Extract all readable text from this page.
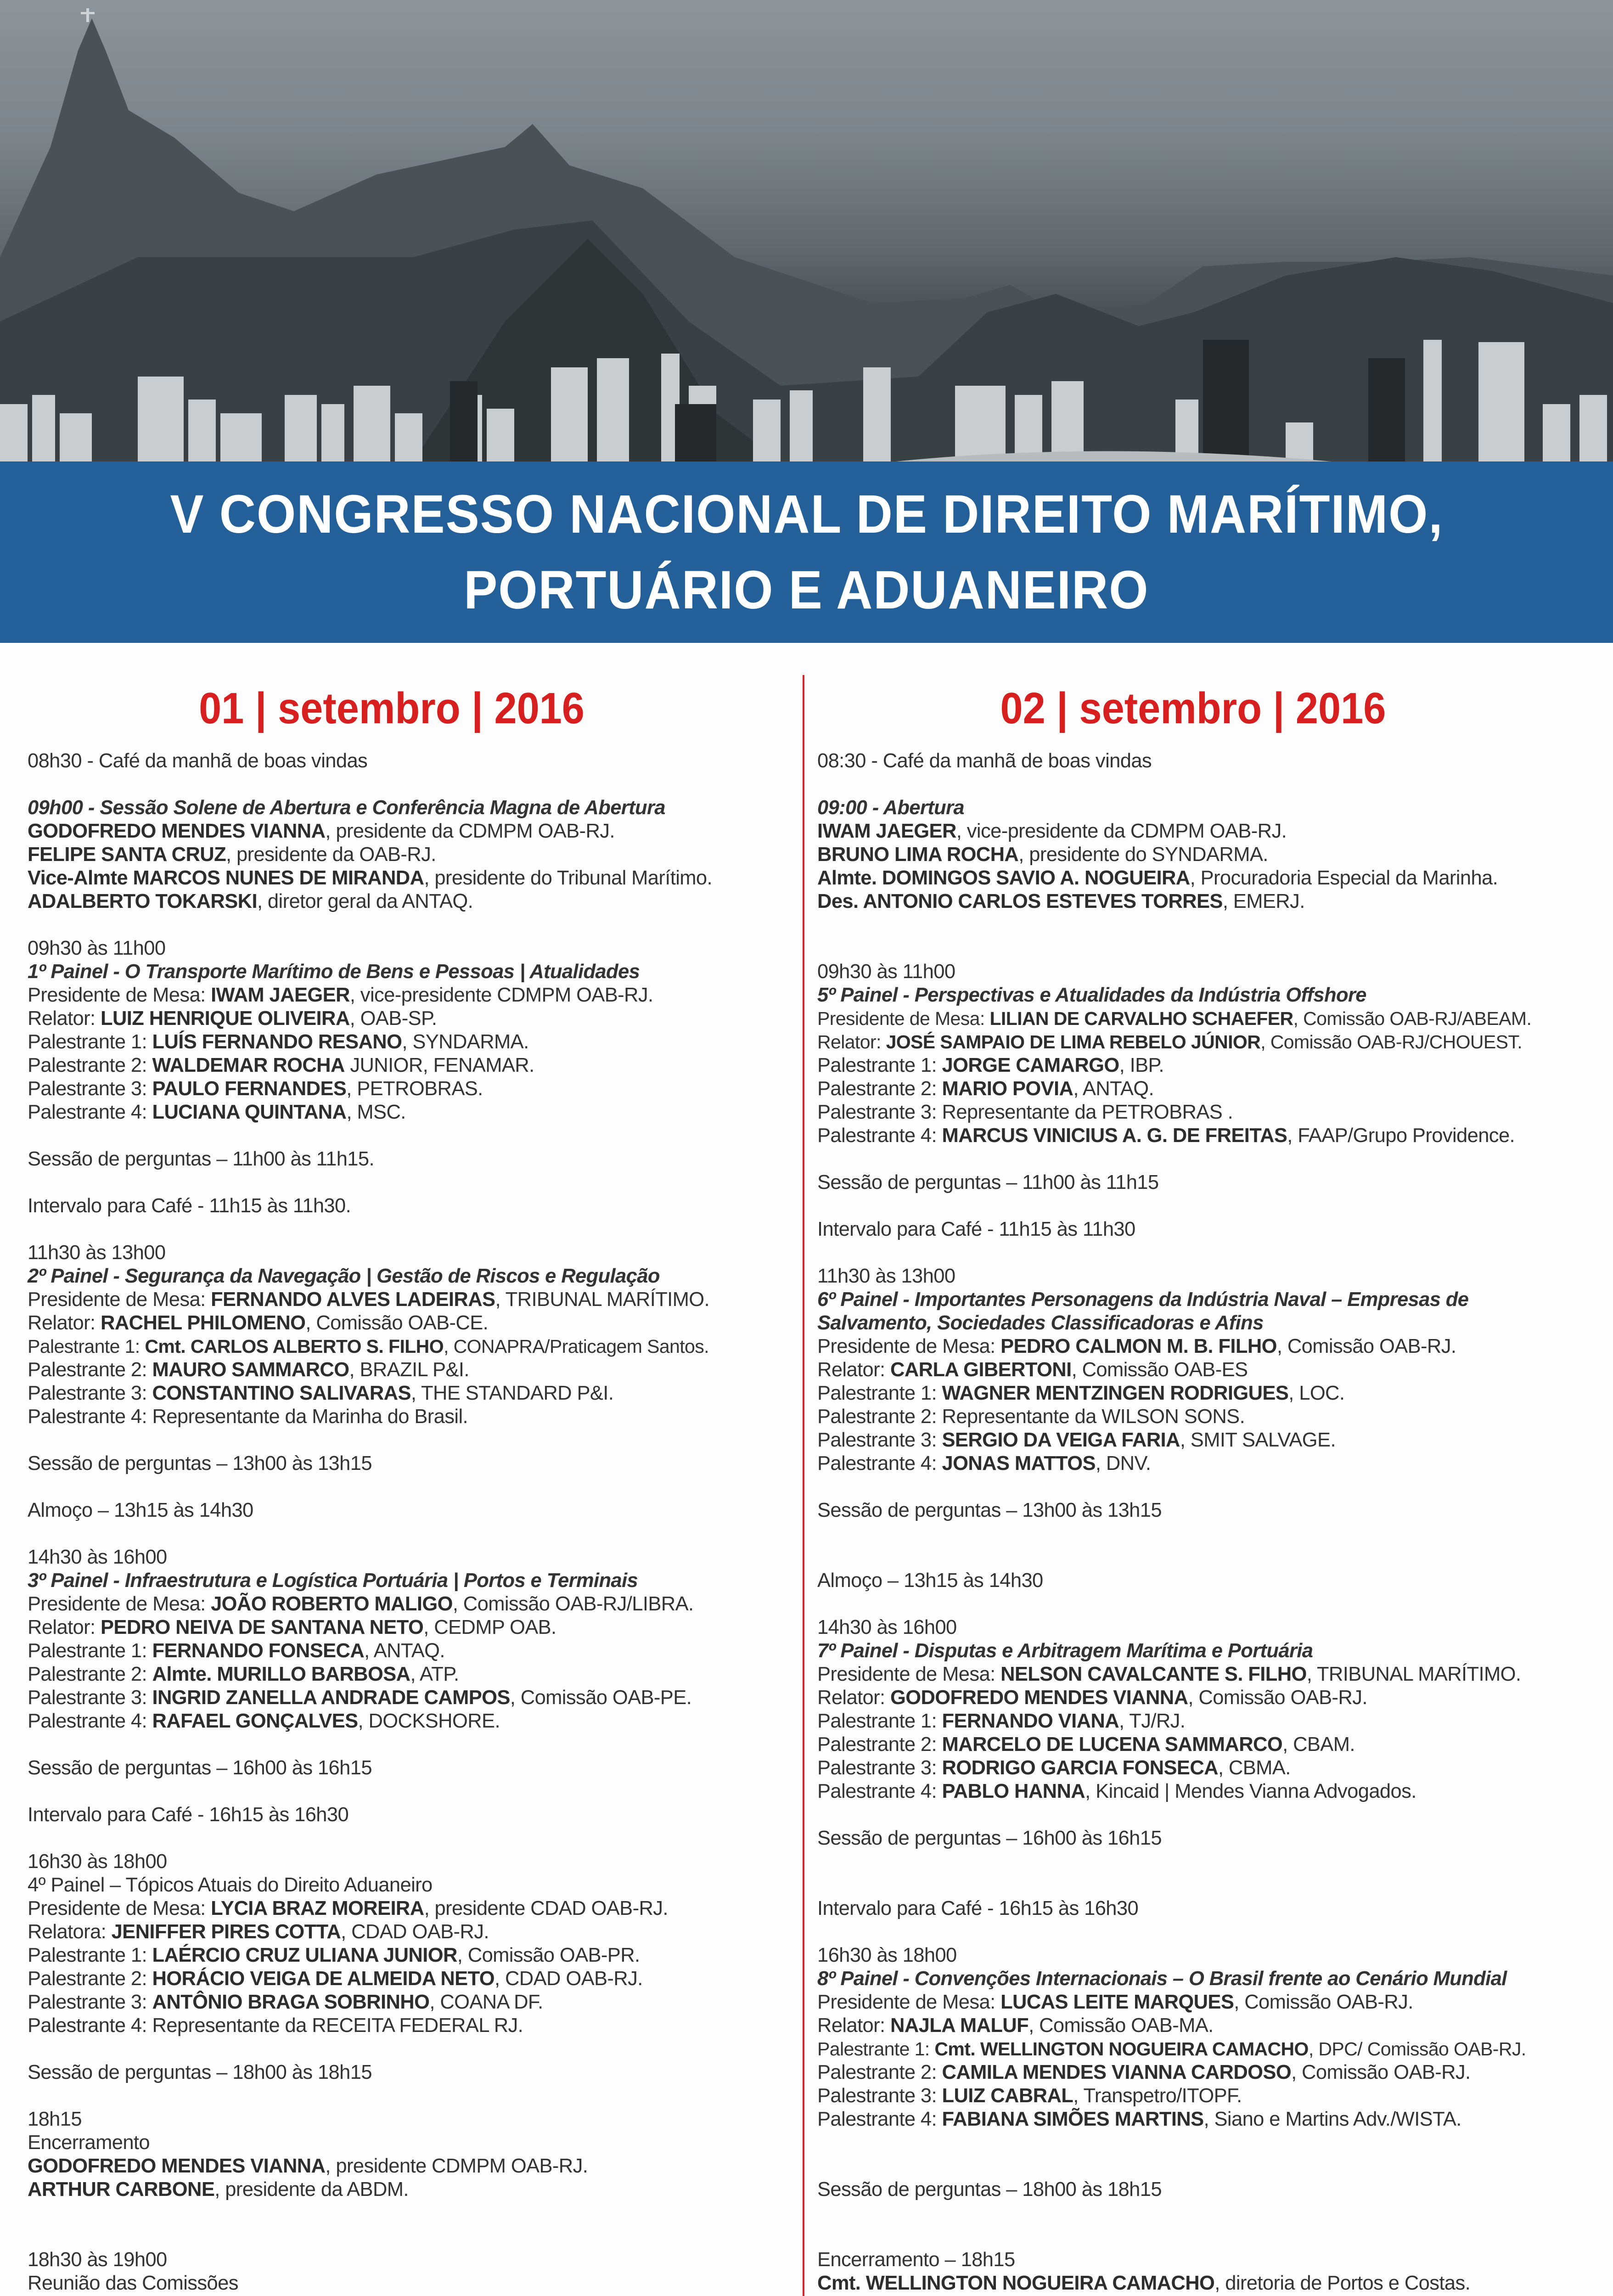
V CONGRESSO NACIONAL DE DIREITO MARÍTIMO,
PORTUÁRIO E ADUANEIRO
01 | setembro | 2016
08h30 - Café da manhã de boas vindas
09h00 - Sessão Solene de Abertura e Conferência Magna de Abertura
GODOFREDO MENDES VIANNA, presidente da CDMPM OAB-RJ.
FELIPE SANTA CRUZ, presidente da OAB-RJ.
Vice-Almte MARCOS NUNES DE MIRANDA, presidente do Tribunal Marítimo.
ADALBERTO TOKARSKI, diretor geral da ANTAQ.
09h30 às 11h00
1º Painel - O Transporte Marítimo de Bens e Pessoas | Atualidades
Presidente de Mesa: IWAM JAEGER, vice-presidente CDMPM OAB-RJ.
Relator: LUIZ HENRIQUE OLIVEIRA, OAB-SP.
Palestrante 1: LUÍS FERNANDO RESANO, SYNDARMA.
Palestrante 2: WALDEMAR ROCHA JUNIOR, FENAMAR.
Palestrante 3: PAULO FERNANDES, PETROBRAS.
Palestrante 4: LUCIANA QUINTANA, MSC.
Sessão de perguntas – 11h00 às 11h15.
Intervalo para Café - 11h15 às 11h30.
11h30 às 13h00
2º Painel - Segurança da Navegação | Gestão de Riscos e Regulação
Presidente de Mesa: FERNANDO ALVES LADEIRAS, TRIBUNAL MARÍTIMO.
Relator: RACHEL PHILOMENO, Comissão OAB-CE.
Palestrante 1: Cmt. CARLOS ALBERTO S. FILHO, CONAPRA/Praticagem Santos.
Palestrante 2: MAURO SAMMARCO, BRAZIL P&I.
Palestrante 3: CONSTANTINO SALIVARAS, THE STANDARD P&I.
Palestrante 4: Representante da Marinha do Brasil.
Sessão de perguntas – 13h00 às 13h15
Almoço – 13h15 às 14h30
14h30 às 16h00
3º Painel - Infraestrutura e Logística Portuária | Portos e Terminais
Presidente de Mesa: JOÃO ROBERTO MALIGO, Comissão OAB-RJ/LIBRA.
Relator: PEDRO NEIVA DE SANTANA NETO, CEDMP OAB.
Palestrante 1: FERNANDO FONSECA, ANTAQ.
Palestrante 2: Almte. MURILLO BARBOSA, ATP.
Palestrante 3: INGRID ZANELLA ANDRADE CAMPOS, Comissão OAB-PE.
Palestrante 4: RAFAEL GONÇALVES, DOCKSHORE.
Sessão de perguntas – 16h00 às 16h15
Intervalo para Café - 16h15 às 16h30
16h30 às 18h00
4º Painel – Tópicos Atuais do Direito Aduaneiro
Presidente de Mesa: LYCIA BRAZ MOREIRA, presidente CDAD OAB-RJ.
Relatora: JENIFFER PIRES COTTA, CDAD OAB-RJ.
Palestrante 1: LAÉRCIO CRUZ ULIANA JUNIOR, Comissão OAB-PR.
Palestrante 2: HORÁCIO VEIGA DE ALMEIDA NETO, CDAD OAB-RJ.
Palestrante 3: ANTÔNIO BRAGA SOBRINHO, COANA DF.
Palestrante 4: Representante da RECEITA FEDERAL RJ.
Sessão de perguntas – 18h00 às 18h15
18h15
Encerramento
GODOFREDO MENDES VIANNA, presidente CDMPM OAB-RJ.
ARTHUR CARBONE, presidente da ABDM.
18h30 às 19h00
Reunião das Comissões
02 | setembro | 2016
08:30 - Café da manhã de boas vindas
09:00 - Abertura
IWAM JAEGER, vice-presidente da CDMPM OAB-RJ.
BRUNO LIMA ROCHA, presidente do SYNDARMA.
Almte. DOMINGOS SAVIO A. NOGUEIRA, Procuradoria Especial da Marinha.
Des. ANTONIO CARLOS ESTEVES TORRES, EMERJ.
09h30 às 11h00
5º Painel - Perspectivas e Atualidades da Indústria Offshore
Presidente de Mesa: LILIAN DE CARVALHO SCHAEFER, Comissão OAB-RJ/ABEAM.
Relator: JOSÉ SAMPAIO DE LIMA REBELO JÚNIOR, Comissão OAB-RJ/CHOUEST.
Palestrante 1: JORGE CAMARGO, IBP.
Palestrante 2: MARIO POVIA, ANTAQ.
Palestrante 3: Representante da PETROBRAS .
Palestrante 4: MARCUS VINICIUS A. G. DE FREITAS, FAAP/Grupo Providence.
Sessão de perguntas – 11h00 às 11h15
Intervalo para Café - 11h15 às 11h30
11h30 às 13h00
6º Painel - Importantes Personagens da Indústria Naval – Empresas de
Salvamento, Sociedades Classificadoras e Afins
Presidente de Mesa: PEDRO CALMON M. B. FILHO, Comissão OAB-RJ.
Relator: CARLA GIBERTONI, Comissão OAB-ES
Palestrante 1: WAGNER MENTZINGEN RODRIGUES, LOC.
Palestrante 2: Representante da WILSON SONS.
Palestrante 3: SERGIO DA VEIGA FARIA, SMIT SALVAGE.
Palestrante 4: JONAS MATTOS, DNV.
Sessão de perguntas – 13h00 às 13h15
Almoço – 13h15 às 14h30
14h30 às 16h00
7º Painel - Disputas e Arbitragem Marítima e Portuária
Presidente de Mesa: NELSON CAVALCANTE S. FILHO, TRIBUNAL MARÍTIMO.
Relator: GODOFREDO MENDES VIANNA, Comissão OAB-RJ.
Palestrante 1: FERNANDO VIANA, TJ/RJ.
Palestrante 2: MARCELO DE LUCENA SAMMARCO, CBAM.
Palestrante 3: RODRIGO GARCIA FONSECA, CBMA.
Palestrante 4: PABLO HANNA, Kincaid | Mendes Vianna Advogados.
Sessão de perguntas – 16h00 às 16h15
Intervalo para Café - 16h15 às 16h30
16h30 às 18h00
8º Painel - Convenções Internacionais – O Brasil frente ao Cenário Mundial
Presidente de Mesa: LUCAS LEITE MARQUES, Comissão OAB-RJ.
Relator: NAJLA MALUF, Comissão OAB-MA.
Palestrante 1: Cmt. WELLINGTON NOGUEIRA CAMACHO, DPC/ Comissão OAB-RJ.
Palestrante 2: CAMILA MENDES VIANNA CARDOSO, Comissão OAB-RJ.
Palestrante 3: LUIZ CABRAL, Transpetro/ITOPF.
Palestrante 4: FABIANA SIMÕES MARTINS, Siano e Martins Adv./WISTA.
Sessão de perguntas – 18h00 às 18h15
Encerramento – 18h15
Cmt. WELLINGTON NOGUEIRA CAMACHO, diretoria de Portos e Costas.
